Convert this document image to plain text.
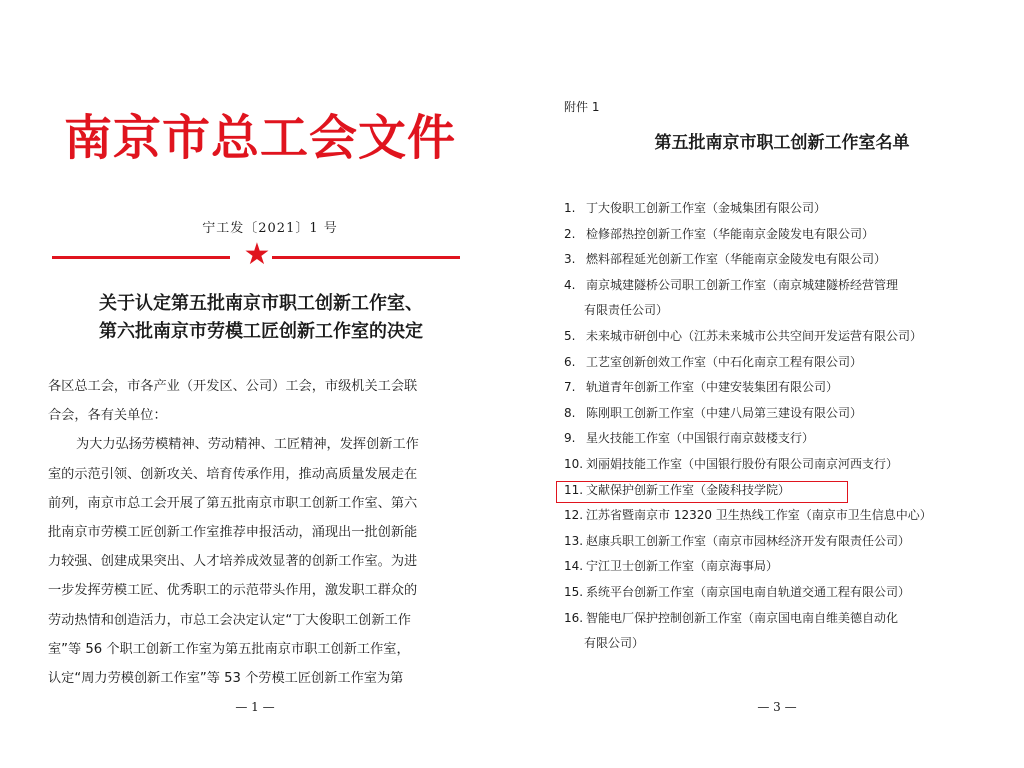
南京市总工会文件
宁工发〔2021〕1 号
★
关于认定第五批南京市职工创新工作室、
第六批南京市劳模工匠创新工作室的决定
各区总工会，市各产业（开发区、公司）工会，市级机关工会联
合会，各有关单位：
为大力弘扬劳模精神、劳动精神、工匠精神，发挥创新工作
室的示范引领、创新攻关、培育传承作用，推动高质量发展走在
前列，南京市总工会开展了第五批南京市职工创新工作室、第六
批南京市劳模工匠创新工作室推荐申报活动，涌现出一批创新能
力较强、创建成果突出、人才培养成效显著的创新工作室。为进
一步发挥劳模工匠、优秀职工的示范带头作用，激发职工群众的
劳动热情和创造活力，市总工会决定认定“丁大俊职工创新工作
室”等 56 个职工创新工作室为第五批南京市职工创新工作室，
认定“周力劳模创新工作室”等 53 个劳模工匠创新工作室为第
— 1 —
附件 1
第五批南京市职工创新工作室名单
1. 丁大俊职工创新工作室（金城集团有限公司）
2. 检修部热控创新工作室（华能南京金陵发电有限公司）
3. 燃料部程延光创新工作室（华能南京金陵发电有限公司）
4. 南京城建隧桥公司职工创新工作室（南京城建隧桥经营管理
有限责任公司）
5. 未来城市研创中心（江苏未来城市公共空间开发运营有限公司）
6. 工艺室创新创效工作室（中石化南京工程有限公司）
7. 轨道青年创新工作室（中建安装集团有限公司）
8. 陈刚职工创新工作室（中建八局第三建设有限公司）
9. 星火技能工作室（中国银行南京鼓楼支行）
10. 刘丽娟技能工作室（中国银行股份有限公司南京河西支行）
11. 文献保护创新工作室（金陵科技学院）
12. 江苏省暨南京市 12320 卫生热线工作室（南京市卫生信息中心）
13. 赵康兵职工创新工作室（南京市园林经济开发有限责任公司）
14. 宁江卫士创新工作室（南京海事局）
15. 系统平台创新工作室（南京国电南自轨道交通工程有限公司）
16. 智能电厂保护控制创新工作室（南京国电南自维美德自动化
有限公司）
— 3 —
